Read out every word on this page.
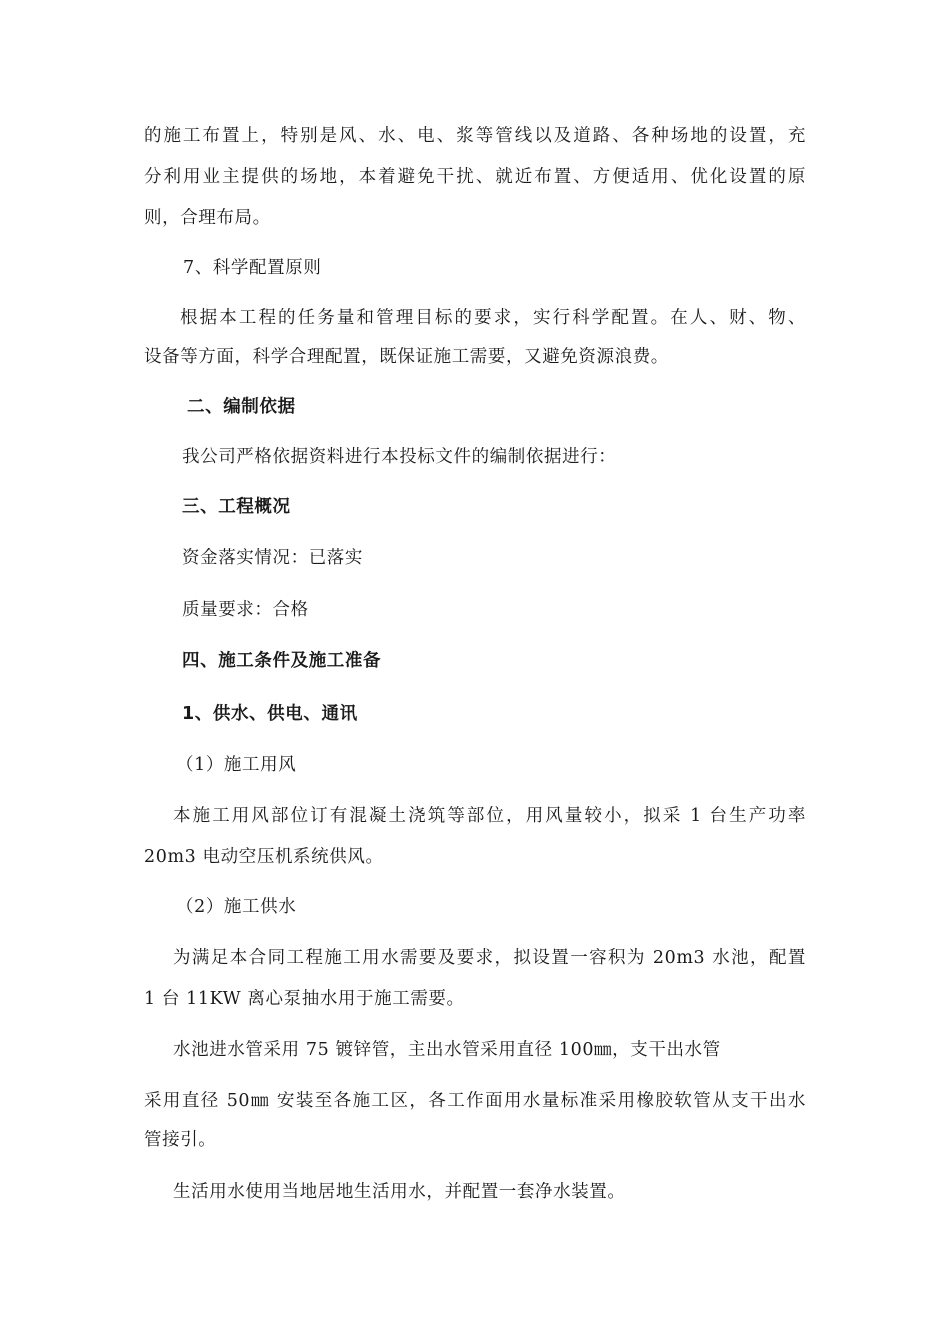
的施工布置上，特别是风、水、电、浆等管线以及道路、各种场地的设置，充
分利用业主提供的场地，本着避免干扰、就近布置、方便适用、优化设置的原
则，合理布局。
7、科学配置原则
根据本工程的任务量和管理目标的要求，实行科学配置。在人、财、物、
设备等方面，科学合理配置，既保证施工需要，又避免资源浪费。
二、编制依据
我公司严格依据资料进行本投标文件的编制依据进行：
三、工程概况
资金落实情况：已落实
质量要求：合格
四、施工条件及施工准备
1、供水、供电、通讯
（1）施工用风
本施工用风部位订有混凝土浇筑等部位，用风量较小，拟采 1 台生产功率
20m3 电动空压机系统供风。
（2）施工供水
为满足本合同工程施工用水需要及要求，拟设置一容积为 20m3 水池，配置
1 台 11KW 离心泵抽水用于施工需要。
水池进水管采用 75 镀锌管，主出水管采用直径 100㎜，支干出水管
采用直径 50㎜ 安装至各施工区，各工作面用水量标准采用橡胶软管从支干出水
管接引。
生活用水使用当地居地生活用水，并配置一套净水装置。
